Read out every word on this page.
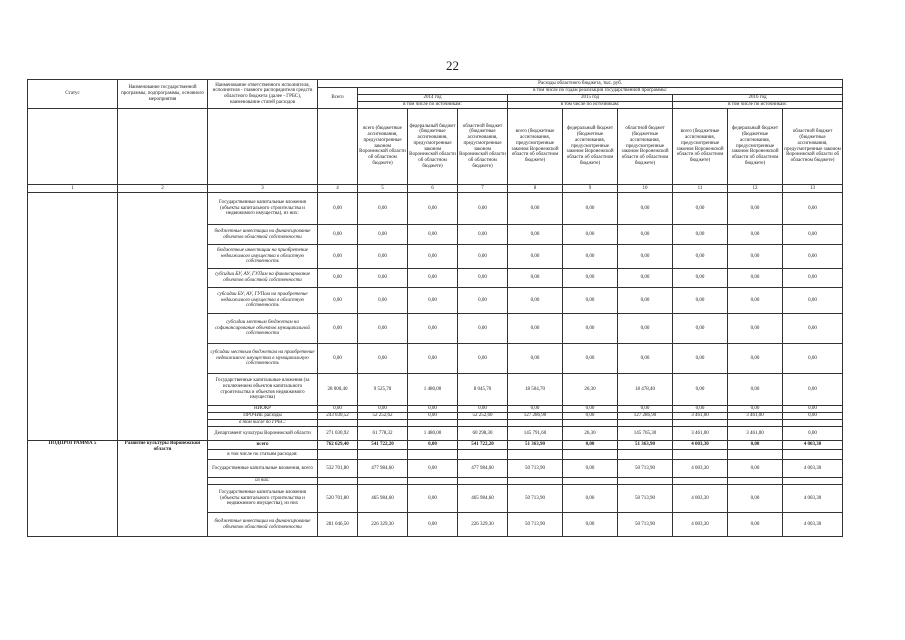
22
Статус	Наименование государственной программы, подпрограммы, основного мероприятия	Наименование ответственного исполнителя, исполнителя - главного распорядителя средств областного бюджета (далее - ГРБС), наименование статей расходов	Расходы областного бюджета, тыс. руб.									
			Всего	в том числе по годам реализации государственной программы:								
				2014 год			2015 год			2016 год		
				в том числе по источникам:			в том числе по источникам:			в том числе по источникам:		
				всего (бюджетные ассигнования, предусмотренные законом Воронежской области об областном бюджете)	федеральный бюджет (бюджетные ассигнования, предусмотренные законом Воронежской области об областном бюджете)	областной бюджет (бюджетные ассигнования, предусмотренные законом Воронежской области об областном бюджете)	всего (бюджетные ассигнования, предусмотренные законом Воронежской области об областном бюджете)	федеральный бюджет (бюджетные ассигнования, предусмотренные законом Воронежской области об областном бюджете)	областной бюджет (бюджетные ассигнования, предусмотренные законом Воронежской области об областном бюджете)	всего (бюджетные ассигнования, предусмотренные законом Воронежской области об областном бюджете)	федеральный бюджет (бюджетные ассигнования, предусмотренные законом Воронежской области об областном бюджете)	областной бюджет (бюджетные ассигнования, предусмотренные законом Воронежской области об областном бюджете)
1	2	3	4	5	6	7	8	9	10	11	12	13
		Государственные капитальные вложения (объекты капитального строительства и недвижимого имущества), из них:	0,00	0,00	0,00	0,00	0,00	0,00	0,00	0,00	0,00	0,00
		бюджетные инвестиции на финансирование объектов областной собственности	0,00	0,00	0,00	0,00	0,00	0,00	0,00	0,00	0,00	0,00
		бюджетные инвестиции на приобретение недвижимого имущества в областную собственность	0,00	0,00	0,00	0,00	0,00	0,00	0,00	0,00	0,00	0,00
		субсидии БУ, АУ, ГУПам на финансирование объектов областной собственности	0,00	0,00	0,00	0,00	0,00	0,00	0,00	0,00	0,00	0,00
		субсидии БУ, АУ, ГУПам на приобретение недвижимого имущества в областную собственность	0,00	0,00	0,00	0,00	0,00	0,00	0,00	0,00	0,00	0,00
		субсидии местным бюджетам на софинансирование объектов муниципальной собственности	0,00	0,00	0,00	0,00	0,00	0,00	0,00	0,00	0,00	0,00
		субсидии местным бюджетам на приобретение недвижимого имущества в муниципальную собственность	0,00	0,00	0,00	0,00	0,00	0,00	0,00	0,00	0,00	0,00
		Государственные капитальные вложения (за исключением объектов капитального строительства и объектов недвижимого имущества)	28 000,40	9 525,70	1 480,00	8 045,70	18 504,70	26,30	18 478,40	0,00	0,00	0,00
		НИОКР	0,00	0,00	0,00	0,00	0,00	0,00	0,00	0,00	0,00	0,00
		ПРОЧИЕ расходы	243 030,52	52 252,62	0,00	52 252,60	127 286,90	0,00	127 286,90	3 461,00	3 461,00	0,00
		в том числе по ГРБС:										
		Департамент культуры Воронежской области	271 030,92	61 778,32	1 480,00	60 298,30	145 791,60	26,30	145 765,30	3 461,00	3 461,00	0,00
ПОДПРОГРАММА 5	Развитие культуры Воронежской области	всего	762 629,40	541 722,20	0,00	541 722,20	51 363,90	0,00	51 363,90	4 003,30	0,00	4 003,30
		в том числе по статьям расходов:										
		Государственные капитальные вложения, всего	532 701,80	477 984,60	0,00	477 984,60	50 713,90	0,00	50 713,90	4 003,30	0,00	4 003,30
		из них:										
		Государственные капитальные вложения (объекты капитального строительства и недвижимого имущества), из них	520 701,80	465 984,60	0,00	465 984,60	50 713,90	0,00	50 713,90	4 003,30	0,00	4 003,30
		бюджетные инвестиции на финансирование объектов областной собственности	281 046,50	226 329,30	0,00	226 329,30	50 713,90	0,00	50 713,90	4 003,30	0,00	4 003,30
